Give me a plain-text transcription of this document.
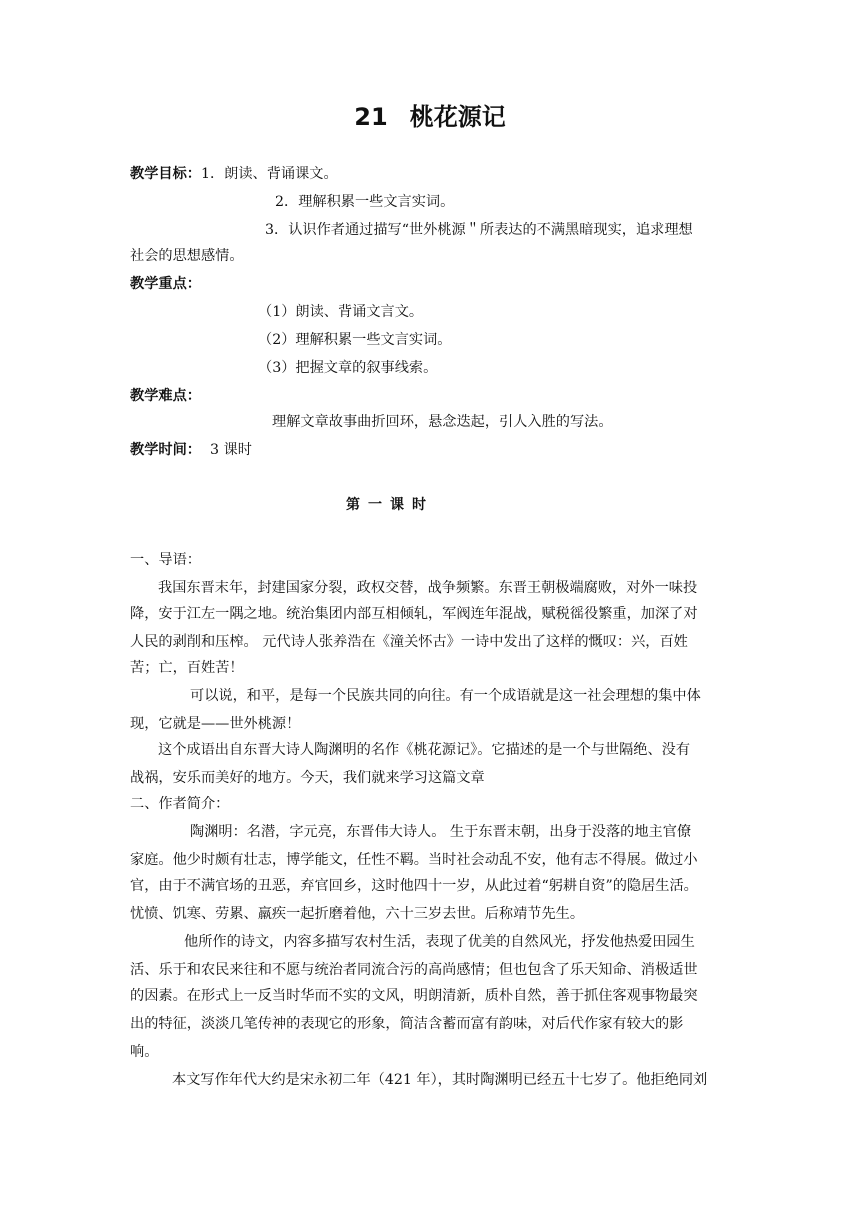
21 桃花源记
教学目标：1．朗读、背诵课文。
2．理解积累一些文言实词。
3．认识作者通过描写“世外桃源＂所表达的不满黑暗现实，追求理想
社会的思想感情。
教学重点：
（1）朗读、背诵文言文。
（2）理解积累一些文言实词。
（3）把握文章的叙事线索。
教学难点：
理解文章故事曲折回环，悬念迭起，引人入胜的写法。
教学时间： 3 课时
第一课时
一、导语：
我国东晋末年，封建国家分裂，政权交替，战争频繁。东晋王朝极端腐败，对外一味投
降，安于江左一隅之地。统治集团内部互相倾轧，军阀连年混战，赋税徭役繁重，加深了对
人民的剥削和压榨。 元代诗人张养浩在《潼关怀古》一诗中发出了这样的慨叹：兴，百姓
苦；亡，百姓苦！
可以说，和平，是每一个民族共同的向往。有一个成语就是这一社会理想的集中体
现，它就是——世外桃源！
这个成语出自东晋大诗人陶渊明的名作《桃花源记》。它描述的是一个与世隔绝、没有
战祸，安乐而美好的地方。今天，我们就来学习这篇文章
二、作者简介：
陶渊明：名潜，字元亮，东晋伟大诗人。 生于东晋末朝，出身于没落的地主官僚
家庭。他少时颇有壮志，博学能文，任性不羁。当时社会动乱不安，他有志不得展。做过小
官，由于不满官场的丑恶，弃官回乡，这时他四十一岁，从此过着“躬耕自资”的隐居生活。
忧愤、饥寒、劳累、羸疾一起折磨着他，六十三岁去世。后称靖节先生。
他所作的诗文，内容多描写农村生活，表现了优美的自然风光，抒发他热爱田园生
活、乐于和农民来往和不愿与统治者同流合污的高尚感情；但也包含了乐天知命、消极适世
的因素。在形式上一反当时华而不实的文风，明朗清新，质朴自然，善于抓住客观事物最突
出的特征，淡淡几笔传神的表现它的形象，简洁含蓄而富有韵味，对后代作家有较大的影
响。
本文写作年代大约是宋永初二年（421 年），其时陶渊明已经五十七岁了。他拒绝同刘
